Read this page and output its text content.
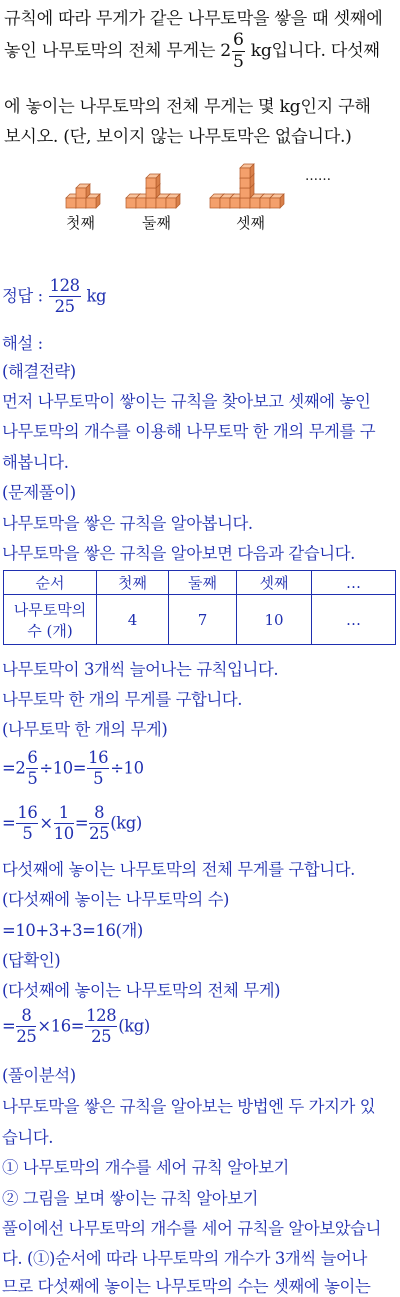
규칙에 따라 무게가 같은 나무토막을 쌓을 때 셋째에
놓인 나무토막의 전체 무게는 $2 \frac{6}{5}$ kg입니다. 다섯째
에 놓이는 나무토막의 전체 무게는 몇 kg인지 구해
보시오. (단, 보이지 않는 나무토막은 없습니다.)
……
첫째	둘째	셋째
정답 : $\frac{128}{25}$ kg
해설 :
(해결전략)
먼저 나무토막이 쌓이는 규칙을 찾아보고 셋째에 놓인
나무토막의 개수를 이용해 나무토막 한 개의 무게를 구
해봅니다.
(문제풀이)
나무토막을 쌓은 규칙을 알아봅니다.
나무토막을 쌓은 규칙을 알아보면 다음과 같습니다.
순서	첫째	둘째	셋째	…
나무토막의
수 (개)	4	7	10	…
나무토막이 3개씩 늘어나는 규칙입니다.
나무토막 한 개의 무게를 구합니다.
(나무토막 한 개의 무게)
$=2 \frac{6}{5} \div 10= \frac{16}{5} \div 10$
= $\frac{16}{5} \times \frac{1}{10} = \frac{8}{25} (kg)$
다섯째에 놓이는 나무토막의 전체 무게를 구합니다.
(다섯째에 놓이는 나무토막의 수)
=10+3+3=16(개)
(답확인)
(다섯째에 놓이는 나무토막의 전체 무게)
= $\frac{8}{25} \times 16= \frac{128}{25} (kg)$
(풀이분석)
나무토막을 쌓은 규칙을 알아보는 방법엔 두 가지가 있
습니다.
① 나무토막의 개수를 세어 규칙 알아보기
② 그림을 보며 쌓이는 규칙 알아보기
풀이에선 나무토막의 개수를 세어 규칙을 알아보았습니
다. (①)순서에 따라 나무토막의 개수가 3개씩 늘어나
므로 다섯째에 놓이는 나무토막의 수는 셋째에 놓이는
